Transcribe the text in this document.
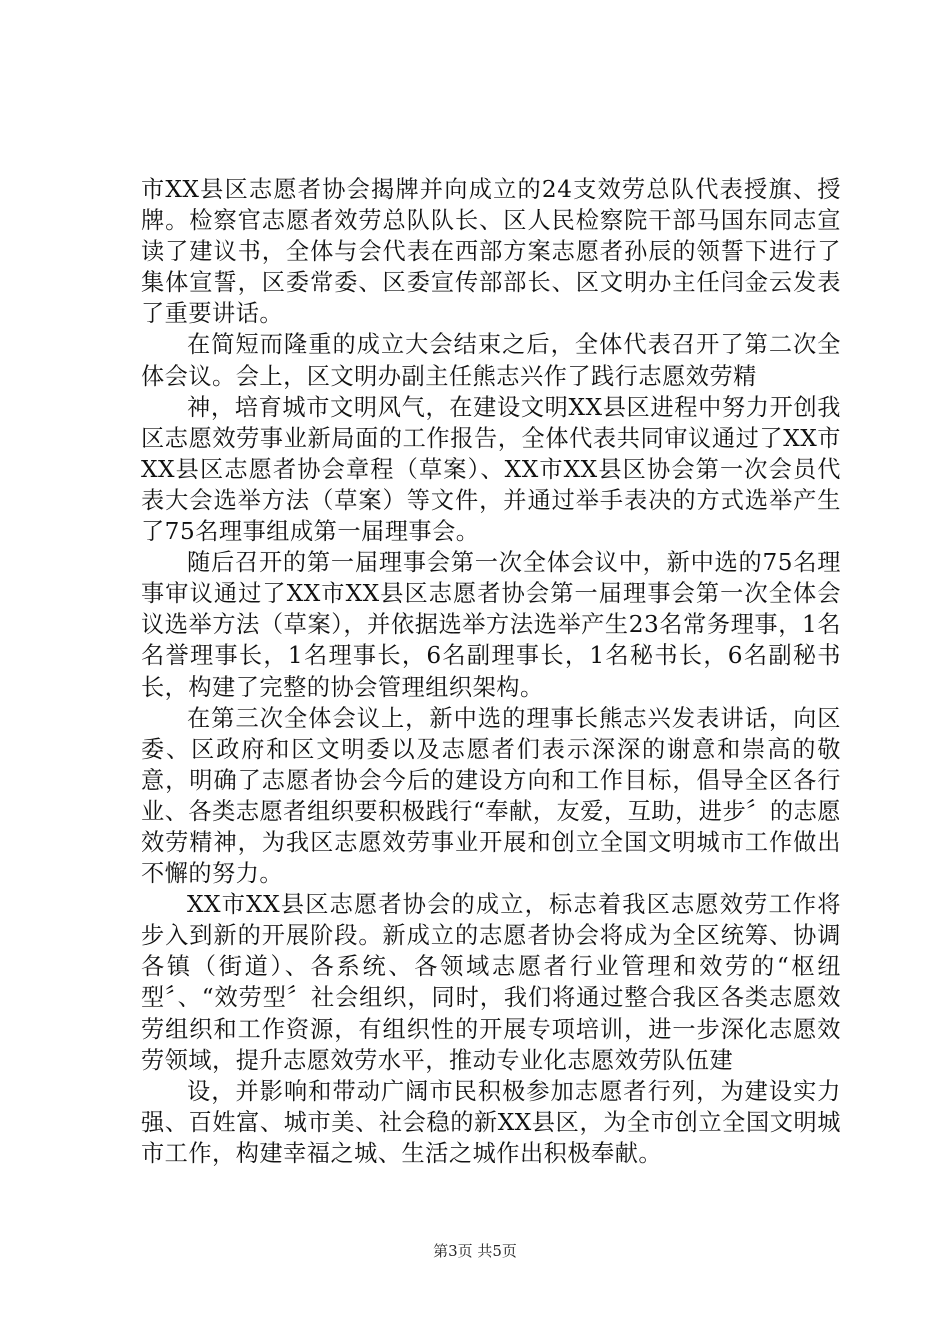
市XX县区志愿者协会揭牌并向成立的24支效劳总队代表授旗、授牌。检察官志愿者效劳总队队长、区人民检察院干部马国东同志宣读了建议书，全体与会代表在西部方案志愿者孙辰的领誓下进行了集体宣誓，区委常委、区委宣传部部长、区文明办主任闫金云发表了重要讲话。

在简短而隆重的成立大会结束之后，全体代表召开了第二次全体会议。会上，区文明办副主任熊志兴作了践行志愿效劳精

神，培育城市文明风气，在建设文明XX县区进程中努力开创我区志愿效劳事业新局面的工作报告，全体代表共同审议通过了XX市XX县区志愿者协会章程（草案）、XX市XX县区协会第一次会员代表大会选举方法（草案）等文件，并通过举手表决的方式选举产生了75名理事组成第一届理事会。

随后召开的第一届理事会第一次全体会议中，新中选的75名理事审议通过了XX市XX县区志愿者协会第一届理事会第一次全体会议选举方法（草案），并依据选举方法选举产生23名常务理事，1名名誉理事长，1名理事长，6名副理事长，1名秘书长，6名副秘书长，构建了完整的协会管理组织架构。

在第三次全体会议上，新中选的理事长熊志兴发表讲话，向区委、区政府和区文明委以及志愿者们表示深深的谢意和崇高的敬意，明确了志愿者协会今后的建设方向和工作目标，倡导全区各行业、各类志愿者组织要积极践行“奉献，友爱，互助，进步〞的志愿效劳精神，为我区志愿效劳事业开展和创立全国文明城市工作做出不懈的努力。

XX市XX县区志愿者协会的成立，标志着我区志愿效劳工作将步入到新的开展阶段。新成立的志愿者协会将成为全区统筹、协调各镇（街道）、各系统、各领域志愿者行业管理和效劳的“枢纽型〞、“效劳型〞社会组织，同时，我们将通过整合我区各类志愿效劳组织和工作资源，有组织性的开展专项培训，进一步深化志愿效劳领域，提升志愿效劳水平，推动专业化志愿效劳队伍建

设，并影响和带动广阔市民积极参加志愿者行列，为建设实力强、百姓富、城市美、社会稳的新XX县区，为全市创立全国文明城市工作，构建幸福之城、生活之城作出积极奉献。

第3页 共5页
